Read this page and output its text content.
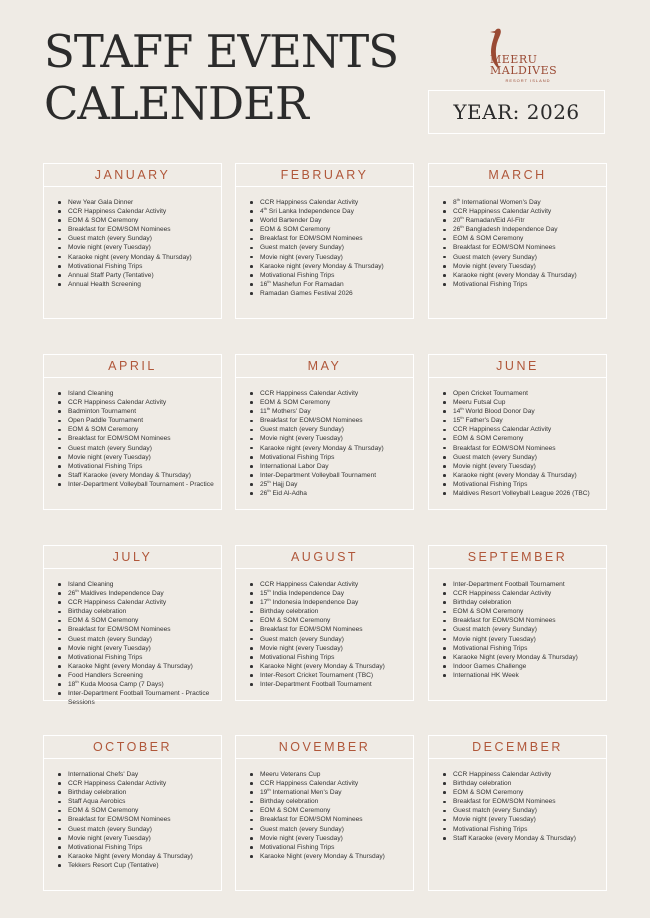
STAFF EVENTS
CALENDER
MEERU MALDIVES
RESORT ISLAND
YEAR: 2026
JANUARY
New Year Gala Dinner
CCR Happiness Calendar Activity
EOM & SOM Ceremony
Breakfast for EOM/SOM Nominees
Guest match (every Sunday)
Movie night (every Tuesday)
Karaoke night (every Monday & Thursday)
Motivational Fishing Trips
Annual Staff Party (Tentative)
Annual Health Screening
FEBRUARY
CCR Happiness Calendar Activity
4th Sri Lanka Independence Day
World Bartender Day
EOM & SOM Ceremony
Breakfast for EOM/SOM Nominees
Guest match (every Sunday)
Movie night (every Tuesday)
Karaoke night (every Monday & Thursday)
Motivational Fishing Trips
16th Mashefun For Ramadan
Ramadan Games Festival 2026
MARCH
8th International Women's Day
CCR Happiness Calendar Activity
20th Ramadan/Eid Al-Fitr
26th Bangladesh Independence Day
EOM & SOM Ceremony
Breakfast for EOM/SOM Nominees
Guest match (every Sunday)
Movie night (every Tuesday)
Karaoke night (every Monday & Thursday)
Motivational Fishing Trips
APRIL
Island Cleaning
CCR Happiness Calendar Activity
Badminton Tournament
Open Paddle Tournament
EOM & SOM Ceremony
Breakfast for EOM/SOM Nominees
Guest match (every Sunday)
Movie night (every Tuesday)
Motivational Fishing Trips
Staff Karaoke (every Monday & Thursday)
Inter-Department Volleyball Tournament - Practice
MAY
CCR Happiness Calendar Activity
EOM & SOM Ceremony
11th Mothers' Day
Breakfast for EOM/SOM Nominees
Guest match (every Sunday)
Movie night (every Tuesday)
Karaoke night (every Monday & Thursday)
Motivational Fishing Trips
International Labor Day
Inter-Department Volleyball Tournament
25th Hajj Day
26th Eid Al-Adha
JUNE
Open Cricket Tournament
Meeru Futsal Cup
14th World Blood Donor Day
15th Father's Day
CCR Happiness Calendar Activity
EOM & SOM Ceremony
Breakfast for EOM/SOM Nominees
Guest match (every Sunday)
Movie night (every Tuesday)
Karaoke night (every Monday & Thursday)
Motivational Fishing Trips
Maldives Resort Volleyball League 2026 (TBC)
JULY
Island Cleaning
26th Maldives Independence Day
CCR Happiness Calendar Activity
Birthday celebration
EOM & SOM Ceremony
Breakfast for EOM/SOM Nominees
Guest match (every Sunday)
Movie night (every Tuesday)
Motivational Fishing Trips
Karaoke Night (every Monday & Thursday)
Food Handlers Screening
18th Kuda Moosa Camp (7 Days)
Inter-Department Football Tournament - Practice Sessions
AUGUST
CCR Happiness Calendar Activity
15th India Independence Day
17th Indonesia Independence Day
Birthday celebration
EOM & SOM Ceremony
Breakfast for EOM/SOM Nominees
Guest match (every Sunday)
Movie night (every Tuesday)
Motivational Fishing Trips
Karaoke Night (every Monday & Thursday)
Inter-Resort Cricket Tournament (TBC)
Inter-Department Football Tournament
SEPTEMBER
Inter-Department Football Tournament
CCR Happiness Calendar Activity
Birthday celebration
EOM & SOM Ceremony
Breakfast for EOM/SOM Nominees
Guest match (every Sunday)
Movie night (every Tuesday)
Motivational Fishing Trips
Karaoke Night (every Monday & Thursday)
Indoor Games Challenge
International HK Week
OCTOBER
International Chefs' Day
CCR Happiness Calendar Activity
Birthday celebration
Staff Aqua Aerobics
EOM & SOM Ceremony
Breakfast for EOM/SOM Nominees
Guest match (every Sunday)
Movie night (every Tuesday)
Motivational Fishing Trips
Karaoke Night (every Monday & Thursday)
Tekkers Resort Cup (Tentative)
NOVEMBER
Meeru Veterans Cup
CCR Happiness Calendar Activity
19th International Men's Day
Birthday celebration
EOM & SOM Ceremony
Breakfast for EOM/SOM Nominees
Guest match (every Sunday)
Movie night (every Tuesday)
Motivational Fishing Trips
Karaoke Night (every Monday & Thursday)
DECEMBER
CCR Happiness Calendar Activity
Birthday celebration
EOM & SOM Ceremony
Breakfast for EOM/SOM Nominees
Guest match (every Sunday)
Movie night (every Tuesday)
Motivational Fishing Trips
Staff Karaoke (every Monday & Thursday)
